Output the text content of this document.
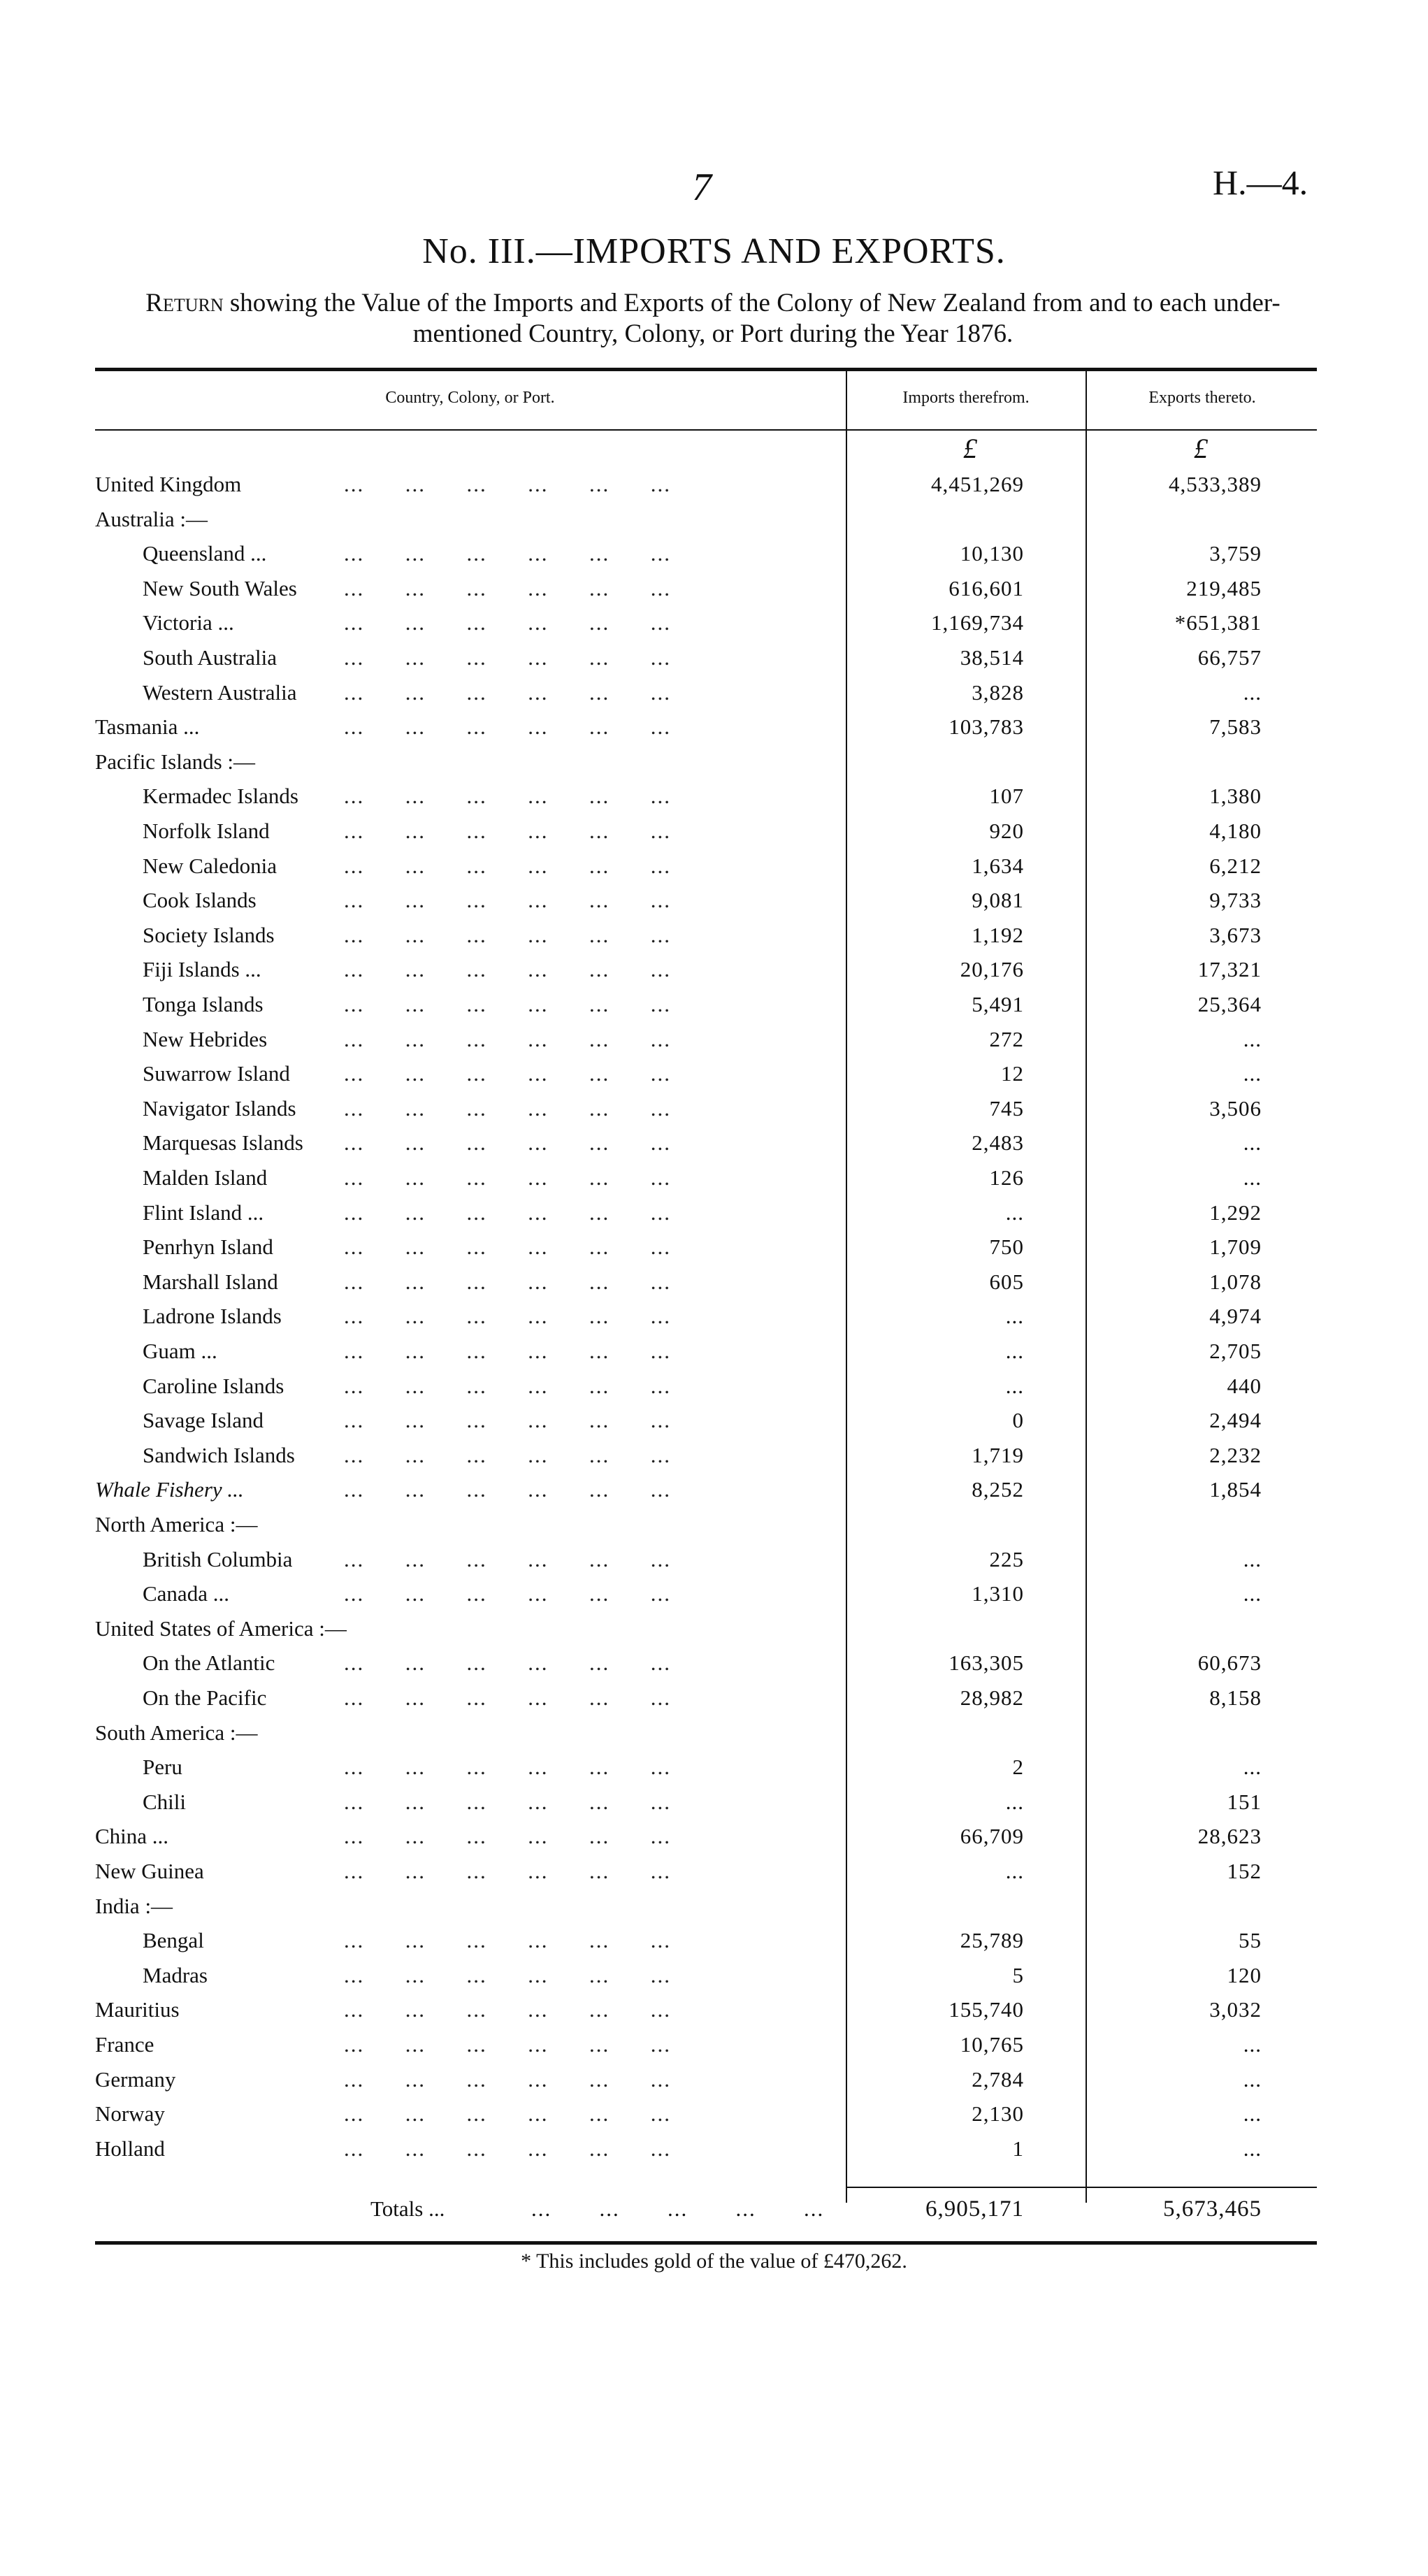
7	H.—4.
No. III.—IMPORTS AND EXPORTS.
Return showing the Value of the Imports and Exports of the Colony of New Zealand from and to each under-mentioned Country, Colony, or Port during the Year 1876.
Country, Colony, or Port.	Imports therefrom.	Exports thereto.
£	£
United Kingdom	...      ...      ...      ...      ...      ...	4,451,269	4,533,389
Australia :—
Queensland ...	...      ...      ...      ...      ...      ...	10,130	3,759
New South Wales ...      ...      ...      ...      ...      ...	616,601	219,485
Victoria ...	...      ...      ...      ...      ...      ...	1,169,734	*651,381
South Australia	...      ...      ...      ...      ...      ...	38,514	66,757
Western Australia ...      ...      ...      ...      ...      ...	3,828	...
Tasmania ...	...      ...      ...      ...      ...      ...	103,783	7,583
Pacific Islands :—
Kermadec Islands ...      ...      ...      ...      ...      ...	107	1,380
Norfolk Island	...      ...      ...      ...      ...      ...	920	4,180
New Caledonia	...      ...      ...      ...      ...      ...	1,634	6,212
Cook Islands	...      ...      ...      ...      ...      ...	9,081	9,733
Society Islands	...      ...      ...      ...      ...      ...	1,192	3,673
Fiji Islands ...	...      ...      ...      ...      ...      ...	20,176	17,321
Tonga Islands	...      ...      ...      ...      ...      ...	5,491	25,364
New Hebrides	...      ...      ...      ...      ...      ...	272	...
Suwarrow Island ...      ...      ...      ...      ...      ...	12	...
Navigator Islands ...      ...      ...      ...      ...      ...	745	3,506
Marquesas Islands ...      ...      ...      ...      ...      ...	2,483	...
Malden Island	...      ...      ...      ...      ...      ...	126	...
Flint Island ...	...      ...      ...      ...      ...      ...	...	1,292
Penrhyn Island	...      ...      ...      ...      ...      ...	750	1,709
Marshall Island	...      ...      ...      ...      ...      ...	605	1,078
Ladrone Islands	...      ...      ...      ...      ...      ...	...	4,974
Guam ...	...      ...      ...      ...      ...      ...	...	2,705
Caroline Islands	...      ...      ...      ...      ...      ...	...	440
Savage Island	...      ...      ...      ...      ...      ...	0	2,494
Sandwich Islands ...      ...      ...      ...      ...      ...	1,719	2,232
Whale Fishery ...	...      ...      ...      ...      ...      ...	8,252	1,854
North America :—
British Columbia ...      ...      ...      ...      ...      ...	225	...
Canada ...	...      ...      ...      ...      ...      ...	1,310	...
United States of America :—
On the Atlantic	...      ...      ...      ...      ...      ...	163,305	60,673
On the Pacific	...      ...      ...      ...      ...      ...	28,982	8,158
South America :—
Peru	...      ...      ...      ...      ...      ...	2	...
Chili	...      ...      ...      ...      ...      ...	...	151
China ...	...      ...      ...      ...      ...      ...	66,709	28,623
New Guinea	...      ...      ...      ...      ...      ...	...	152
India :—
Bengal	...      ...      ...      ...      ...      ...	25,789	55
Madras	...      ...      ...      ...      ...      ...	5	120
Mauritius	...      ...      ...      ...      ...      ...	155,740	3,032
France	...      ...      ...      ...      ...      ...	10,765	...
Germany	...      ...      ...      ...      ...      ...	2,784	...
Norway	...      ...      ...      ...      ...      ...	2,130	...
Holland	...      ...      ...      ...      ...      ...	1	...
Totals ...	...       ...       ...       ...       ...	6,905,171	5,673,465
* This includes gold of the value of £470,262.
